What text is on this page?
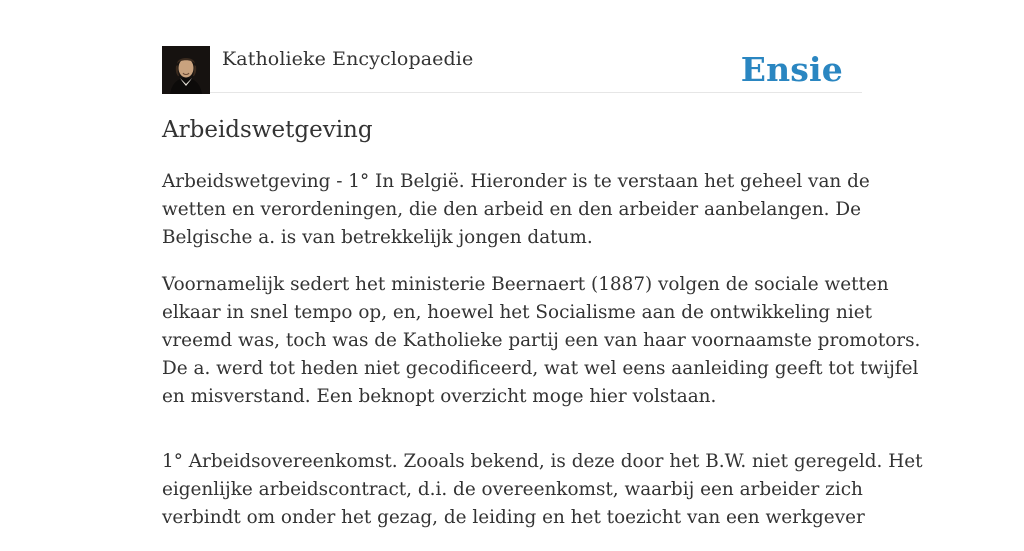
Katholieke Encyclopaedie	Ensie
Arbeidswetgeving

Arbeidswetgeving - 1° In België. Hieronder is te verstaan het geheel van de
wetten en verordeningen, die den arbeid en den arbeider aanbelangen. De
Belgische a. is van betrekkelijk jongen datum.

Voornamelijk sedert het ministerie Beernaert (1887) volgen de sociale wetten
elkaar in snel tempo op, en, hoewel het Socialisme aan de ontwikkeling niet
vreemd was, toch was de Katholieke partij een van haar voornaamste promotors.
De a. werd tot heden niet gecodificeerd, wat wel eens aanleiding geeft tot twijfel
en misverstand. Een beknopt overzicht moge hier volstaan.

1° Arbeidsovereenkomst. Zooals bekend, is deze door het B.W. niet geregeld. Het
eigenlijke arbeidscontract, d.i. de overeenkomst, waarbij een arbeider zich
verbindt om onder het gezag, de leiding en het toezicht van een werkgever
